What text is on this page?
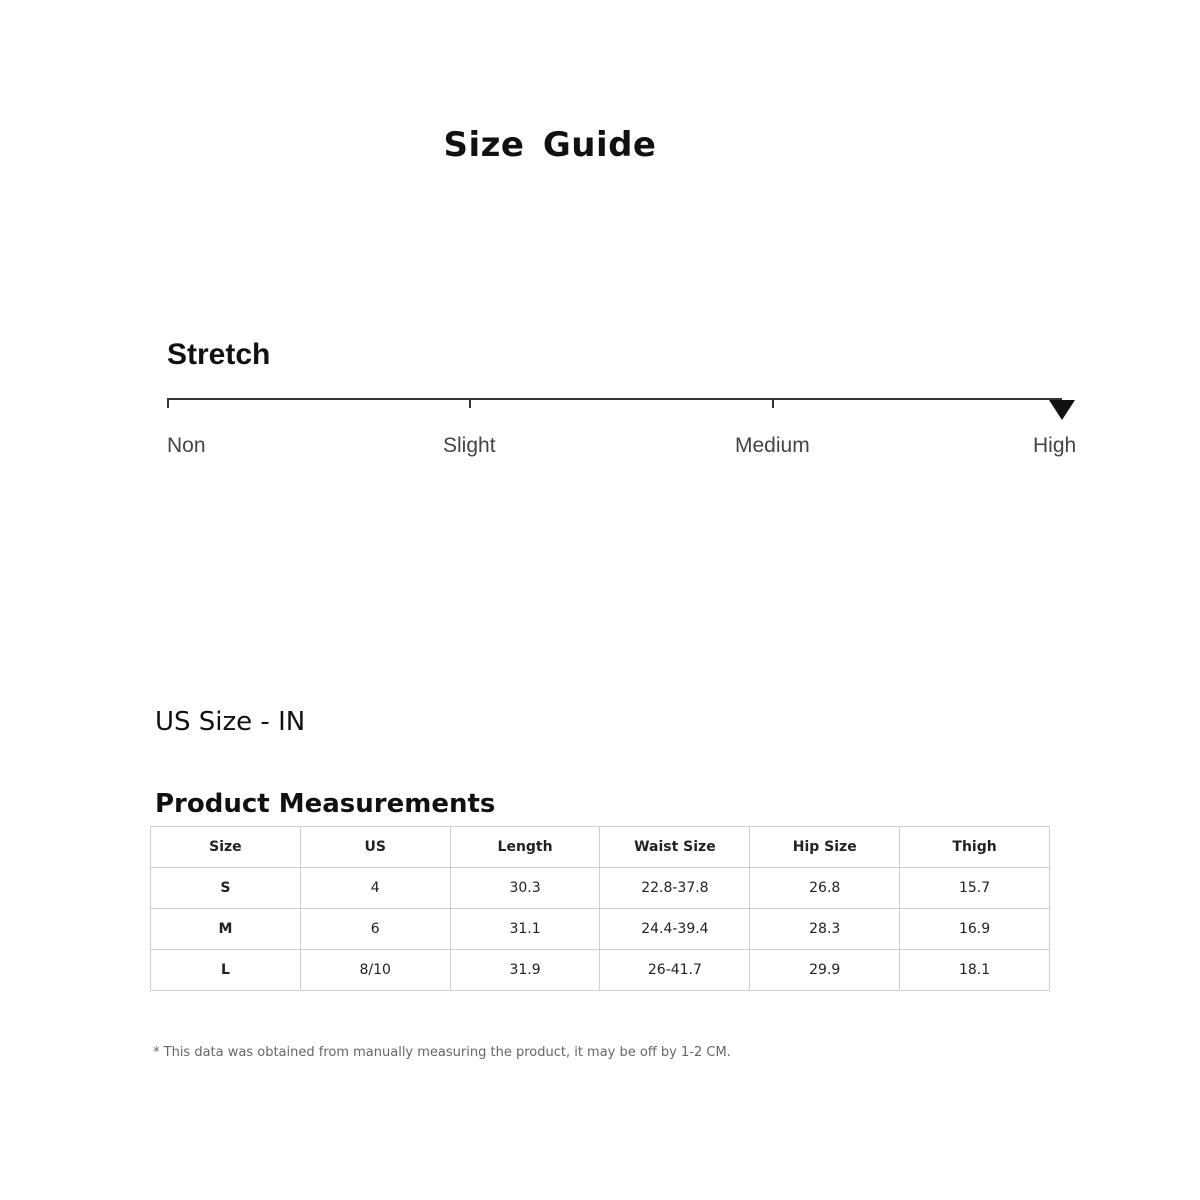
Size Guide
Stretch
Non	Slight	Medium	High
US Size - IN
Product Measurements
Size	US	Length	Waist Size	Hip Size	Thigh
S	4	30.3	22.8-37.8	26.8	15.7
M	6	31.1	24.4-39.4	28.3	16.9
L	8/10	31.9	26-41.7	29.9	18.1
* This data was obtained from manually measuring the product, it may be off by 1-2 CM.
